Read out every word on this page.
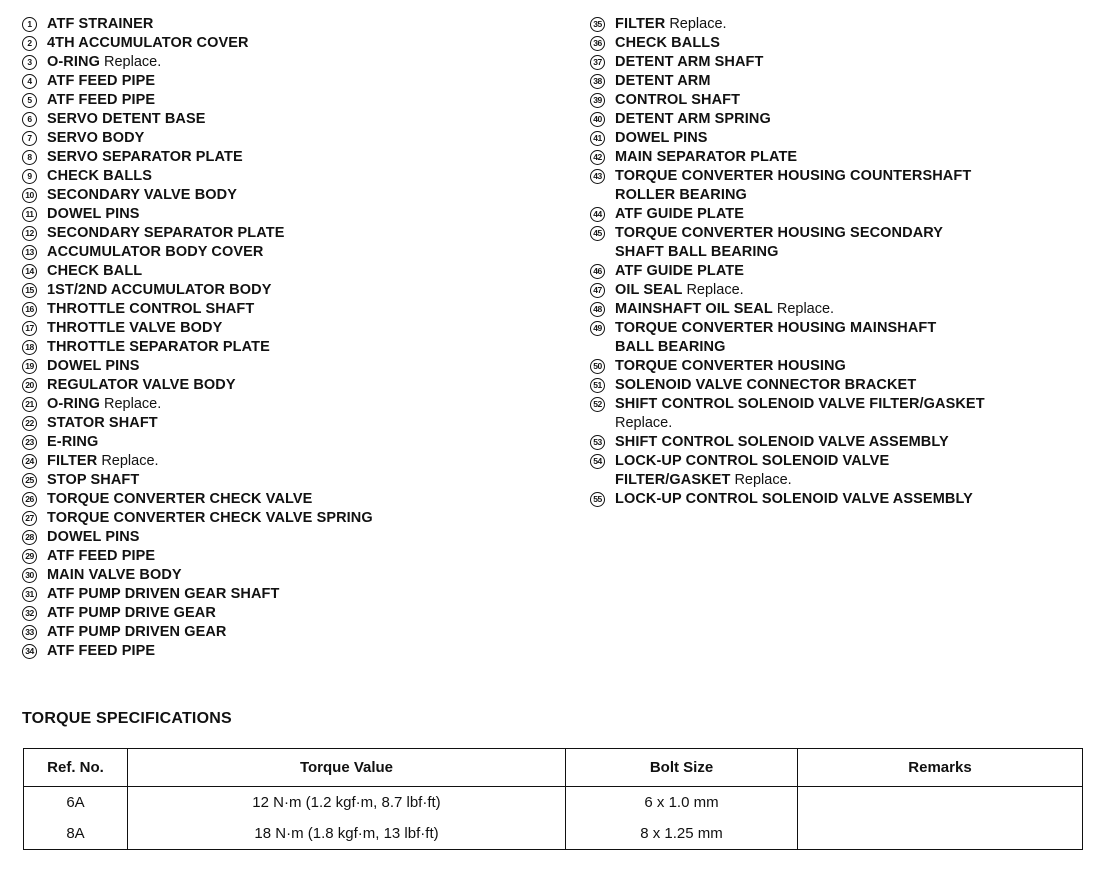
1	ATF STRAINER
2	4TH ACCUMULATOR COVER
3	O-RING Replace.
4	ATF FEED PIPE
5	ATF FEED PIPE
6	SERVO DETENT BASE
7	SERVO BODY
8	SERVO SEPARATOR PLATE
9	CHECK BALLS
10 SECONDARY VALVE BODY
11 DOWEL PINS
12 SECONDARY SEPARATOR PLATE
13 ACCUMULATOR BODY COVER
14 CHECK BALL
15 1ST/2ND ACCUMULATOR BODY
16 THROTTLE CONTROL SHAFT
17 THROTTLE VALVE BODY
18 THROTTLE SEPARATOR PLATE
19 DOWEL PINS
20 REGULATOR VALVE BODY
21 O-RING Replace.
22 STATOR SHAFT
23 E-RING
24 FILTER Replace.
25 STOP SHAFT
26 TORQUE CONVERTER CHECK VALVE
27 TORQUE CONVERTER CHECK VALVE SPRING
28 DOWEL PINS
29 ATF FEED PIPE
30 MAIN VALVE BODY
31 ATF PUMP DRIVEN GEAR SHAFT
32 ATF PUMP DRIVE GEAR
33 ATF PUMP DRIVEN GEAR
34 ATF FEED PIPE
35 FILTER Replace.
36 CHECK BALLS
37 DETENT ARM SHAFT
38 DETENT ARM
39 CONTROL SHAFT
40 DETENT ARM SPRING
41 DOWEL PINS
42 MAIN SEPARATOR PLATE
43 TORQUE CONVERTER HOUSING COUNTERSHAFT
ROLLER BEARING
44 ATF GUIDE PLATE
45 TORQUE CONVERTER HOUSING SECONDARY
SHAFT BALL BEARING
46 ATF GUIDE PLATE
47 OIL SEAL Replace.
48 MAINSHAFT OIL SEAL Replace.
49 TORQUE CONVERTER HOUSING MAINSHAFT
BALL BEARING
50 TORQUE CONVERTER HOUSING
51 SOLENOID VALVE CONNECTOR BRACKET
52 SHIFT CONTROL SOLENOID VALVE FILTER/GASKET
Replace.
53 SHIFT CONTROL SOLENOID VALVE ASSEMBLY
54 LOCK-UP CONTROL SOLENOID VALVE
FILTER/GASKET Replace.
55 LOCK-UP CONTROL SOLENOID VALVE ASSEMBLY
TORQUE SPECIFICATIONS
Ref. No.	Torque Value	Bolt Size	Remarks
6A	12 N·m (1.2 kgf·m, 8.7 lbf·ft)	6 x 1.0 mm	
8A	18 N·m (1.8 kgf·m, 13 lbf·ft)	8 x 1.25 mm	
